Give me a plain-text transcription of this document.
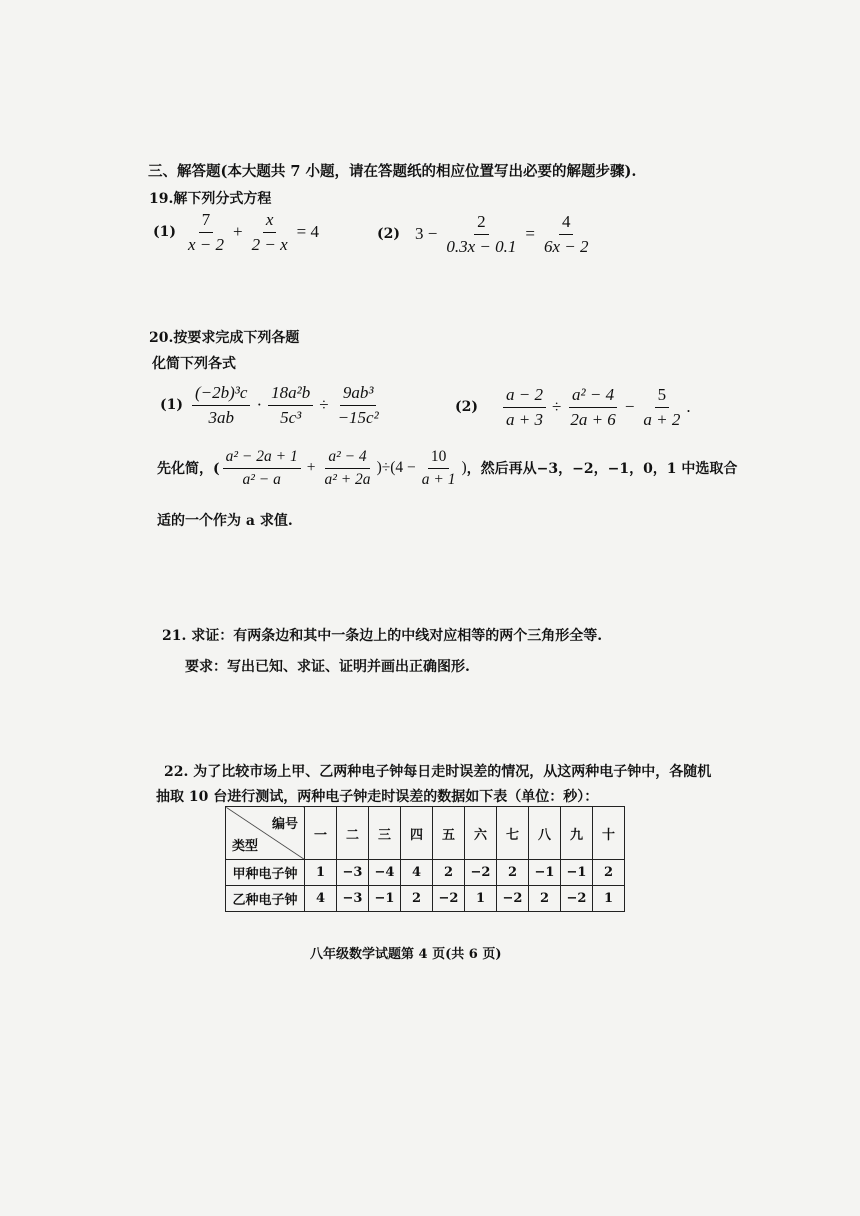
三、解答题(本大题共 7 小题，请在答题纸的相应位置写出必要的解题步骤).
19.解下列分式方程
$(1) \frac{7}{x - 2} + \frac{x}{2 - x} = 4$	(2) $3 - \frac{2}{0.3x - 0.1} = \frac{4}{6x - 2}$
20.按要求完成下列各题
化简下列各式
$(1) \frac{\text{(−2b)³c}}{3ab} \cdot \frac{\text{18a²b}}{\text{5c³}} \div \frac{\text{9ab³}}{\text{−15c²}}$	$(2) \frac{a - 2}{a + 3} \div \frac{\text{a² − 4}}{2a + 6} - \frac{5}{a + 2}$ .
先化简，( $\frac{\text{a² − 2a + 1}}{\text{a² − a}} + \frac{\text{a² − 4}}{\text{a² + 2a}} )\div(4 - \frac{10}{a + 1}$ ) ，然后再从−3，−2，−1，0，1 中选取合
适的一个作为 a 求值.
21. 求证：有两条边和其中一条边上的中线对应相等的两个三角形全等.
要求：写出已知、求证、证明并画出正确图形.
22. 为了比较市场上甲、乙两种电子钟每日走时误差的情况，从这两种电子钟中，各随机
抽取 10 台进行测试，两种电子钟走时误差的数据如下表（单位：秒）：
编号
类型	一	二	三	四	五	六	七	八	九	十
甲种电子钟	1	−3	−4	4	2	−2	2	−1	−1	2
乙种电子钟	4	−3	−1	2	−2	1	−2	2	−2	1
八年级数学试题第 4 页(共 6 页)
